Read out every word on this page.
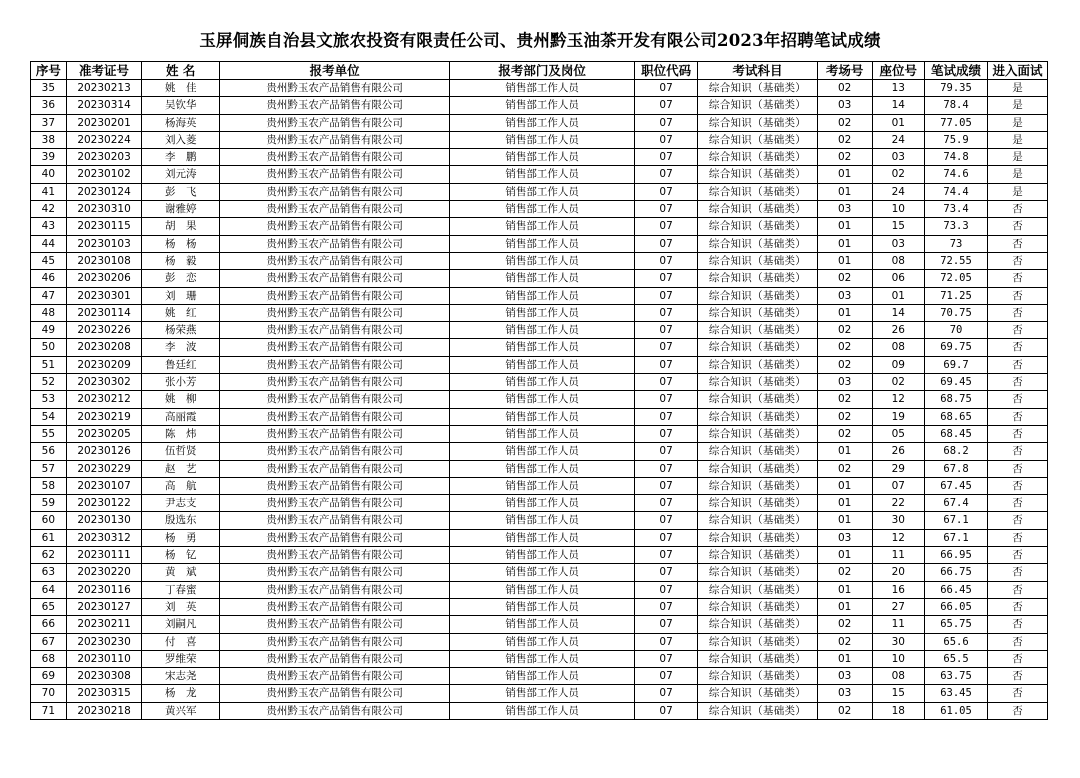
玉屏侗族自治县文旅农投资有限责任公司、贵州黔玉油茶开发有限公司2023年招聘笔试成绩
序号	准考证号	姓 名	报考单位	报考部门及岗位	职位代码	考试科目	考场号	座位号	笔试成绩	进入面试
35	20230213	姚　佳	贵州黔玉农产品销售有限公司	销售部工作人员	07	综合知识（基础类）	02	13	79.35	是
36	20230314	吴钦华	贵州黔玉农产品销售有限公司	销售部工作人员	07	综合知识（基础类）	03	14	78.4	是
37	20230201	杨海英	贵州黔玉农产品销售有限公司	销售部工作人员	07	综合知识（基础类）	02	01	77.05	是
38	20230224	刘入菱	贵州黔玉农产品销售有限公司	销售部工作人员	07	综合知识（基础类）	02	24	75.9	是
39	20230203	李　鹏	贵州黔玉农产品销售有限公司	销售部工作人员	07	综合知识（基础类）	02	03	74.8	是
40	20230102	刘元涛	贵州黔玉农产品销售有限公司	销售部工作人员	07	综合知识（基础类）	01	02	74.6	是
41	20230124	彭　飞	贵州黔玉农产品销售有限公司	销售部工作人员	07	综合知识（基础类）	01	24	74.4	是
42	20230310	谢雅婷	贵州黔玉农产品销售有限公司	销售部工作人员	07	综合知识（基础类）	03	10	73.4	否
43	20230115	胡　果	贵州黔玉农产品销售有限公司	销售部工作人员	07	综合知识（基础类）	01	15	73.3	否
44	20230103	杨　杨	贵州黔玉农产品销售有限公司	销售部工作人员	07	综合知识（基础类）	01	03	73	否
45	20230108	杨　毅	贵州黔玉农产品销售有限公司	销售部工作人员	07	综合知识（基础类）	01	08	72.55	否
46	20230206	彭　恋	贵州黔玉农产品销售有限公司	销售部工作人员	07	综合知识（基础类）	02	06	72.05	否
47	20230301	刘　珊	贵州黔玉农产品销售有限公司	销售部工作人员	07	综合知识（基础类）	03	01	71.25	否
48	20230114	姚　红	贵州黔玉农产品销售有限公司	销售部工作人员	07	综合知识（基础类）	01	14	70.75	否
49	20230226	杨荣燕	贵州黔玉农产品销售有限公司	销售部工作人员	07	综合知识（基础类）	02	26	70	否
50	20230208	李　波	贵州黔玉农产品销售有限公司	销售部工作人员	07	综合知识（基础类）	02	08	69.75	否
51	20230209	鲁廷红	贵州黔玉农产品销售有限公司	销售部工作人员	07	综合知识（基础类）	02	09	69.7	否
52	20230302	张小芳	贵州黔玉农产品销售有限公司	销售部工作人员	07	综合知识（基础类）	03	02	69.45	否
53	20230212	姚　柳	贵州黔玉农产品销售有限公司	销售部工作人员	07	综合知识（基础类）	02	12	68.75	否
54	20230219	高丽霞	贵州黔玉农产品销售有限公司	销售部工作人员	07	综合知识（基础类）	02	19	68.65	否
55	20230205	陈　炜	贵州黔玉农产品销售有限公司	销售部工作人员	07	综合知识（基础类）	02	05	68.45	否
56	20230126	伍哲贤	贵州黔玉农产品销售有限公司	销售部工作人员	07	综合知识（基础类）	01	26	68.2	否
57	20230229	赵　艺	贵州黔玉农产品销售有限公司	销售部工作人员	07	综合知识（基础类）	02	29	67.8	否
58	20230107	高　航	贵州黔玉农产品销售有限公司	销售部工作人员	07	综合知识（基础类）	01	07	67.45	否
59	20230122	尹志支	贵州黔玉农产品销售有限公司	销售部工作人员	07	综合知识（基础类）	01	22	67.4	否
60	20230130	殷选东	贵州黔玉农产品销售有限公司	销售部工作人员	07	综合知识（基础类）	01	30	67.1	否
61	20230312	杨　勇	贵州黔玉农产品销售有限公司	销售部工作人员	07	综合知识（基础类）	03	12	67.1	否
62	20230111	杨　钇	贵州黔玉农产品销售有限公司	销售部工作人员	07	综合知识（基础类）	01	11	66.95	否
63	20230220	黄　斌	贵州黔玉农产品销售有限公司	销售部工作人员	07	综合知识（基础类）	02	20	66.75	否
64	20230116	丁春蜜	贵州黔玉农产品销售有限公司	销售部工作人员	07	综合知识（基础类）	01	16	66.45	否
65	20230127	刘　英	贵州黔玉农产品销售有限公司	销售部工作人员	07	综合知识（基础类）	01	27	66.05	否
66	20230211	刘嗣凡	贵州黔玉农产品销售有限公司	销售部工作人员	07	综合知识（基础类）	02	11	65.75	否
67	20230230	付　喜	贵州黔玉农产品销售有限公司	销售部工作人员	07	综合知识（基础类）	02	30	65.6	否
68	20230110	罗维荣	贵州黔玉农产品销售有限公司	销售部工作人员	07	综合知识（基础类）	01	10	65.5	否
69	20230308	宋志尧	贵州黔玉农产品销售有限公司	销售部工作人员	07	综合知识（基础类）	03	08	63.75	否
70	20230315	杨　龙	贵州黔玉农产品销售有限公司	销售部工作人员	07	综合知识（基础类）	03	15	63.45	否
71	20230218	黄兴军	贵州黔玉农产品销售有限公司	销售部工作人员	07	综合知识（基础类）	02	18	61.05	否
